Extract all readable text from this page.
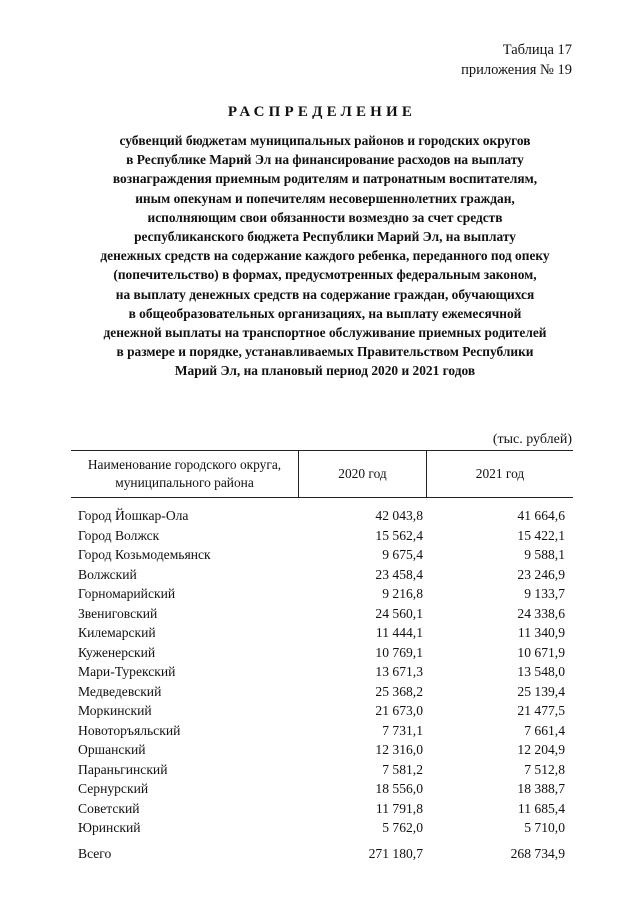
Таблица 17
приложения № 19
РАСПРЕДЕЛЕНИЕ
субвенций бюджетам муниципальных районов и городских округов
в Республике Марий Эл на финансирование расходов на выплату
вознаграждения приемным родителям и патронатным воспитателям,
иным опекунам и попечителям несовершеннолетних граждан,
исполняющим свои обязанности возмездно за счет средств
республиканского бюджета Республики Марий Эл, на выплату
денежных средств на содержание каждого ребенка, переданного под опеку
(попечительство) в формах, предусмотренных федеральным законом,
на выплату денежных средств на содержание граждан, обучающихся
в общеобразовательных организациях, на выплату ежемесячной
денежной выплаты на транспортное обслуживание приемных родителей
в размере и порядке, устанавливаемых Правительством Республики
Марий Эл, на плановый период 2020 и 2021 годов
(тыс. рублей)
Наименование городского округа,
муниципального района
2020 год	2021 год
Город Йошкар-Ола	42 043,8	41 664,6
Город Волжск	15 562,4	15 422,1
Город Козьмодемьянск	9 675,4	9 588,1
Волжский	23 458,4	23 246,9
Горномарийский	9 216,8	9 133,7
Звениговский	24 560,1	24 338,6
Килемарский	11 444,1	11 340,9
Куженерский	10 769,1	10 671,9
Мари-Турекский	13 671,3	13 548,0
Медведевский	25 368,2	25 139,4
Моркинский	21 673,0	21 477,5
Новоторъяльский	7 731,1	7 661,4
Оршанский	12 316,0	12 204,9
Параньгинский	7 581,2	7 512,8
Сернурский	18 556,0	18 388,7
Советский	11 791,8	11 685,4
Юринский	5 762,0	5 710,0
Всего	271 180,7	268 734,9
